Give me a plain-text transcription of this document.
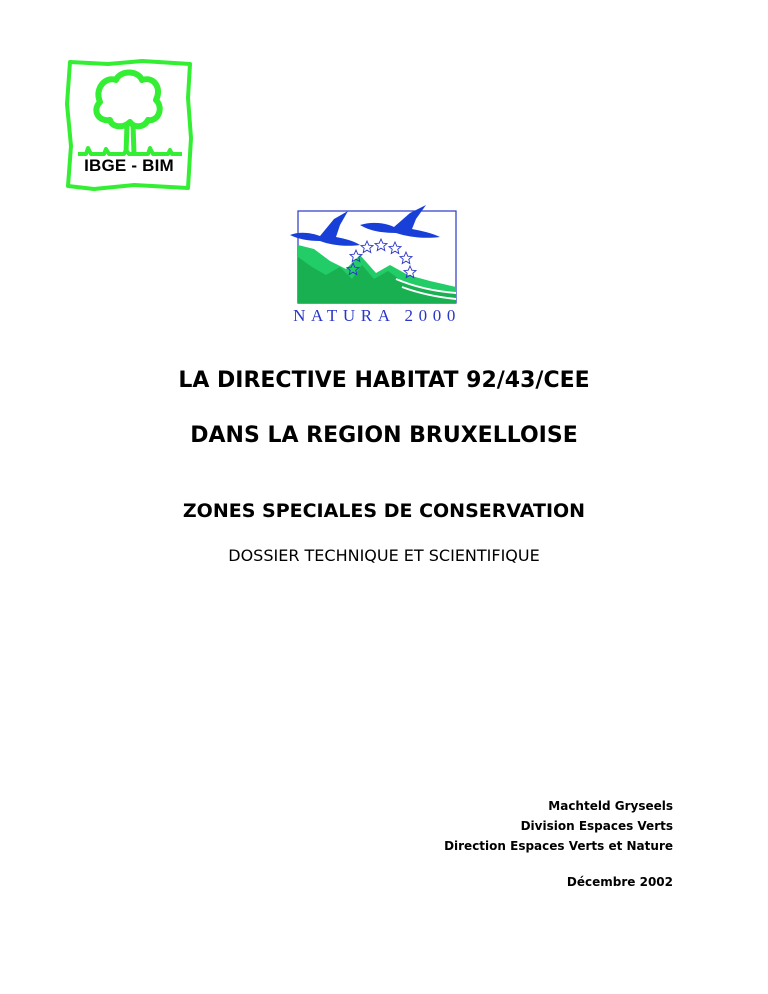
IBGE - BIM
NATURA 2000
LA DIRECTIVE HABITAT 92/43/CEE
DANS LA REGION BRUXELLOISE
ZONES SPECIALES DE CONSERVATION
DOSSIER TECHNIQUE ET SCIENTIFIQUE
Machteld Gryseels
Division Espaces Verts
Direction Espaces Verts et Nature
Décembre 2002
